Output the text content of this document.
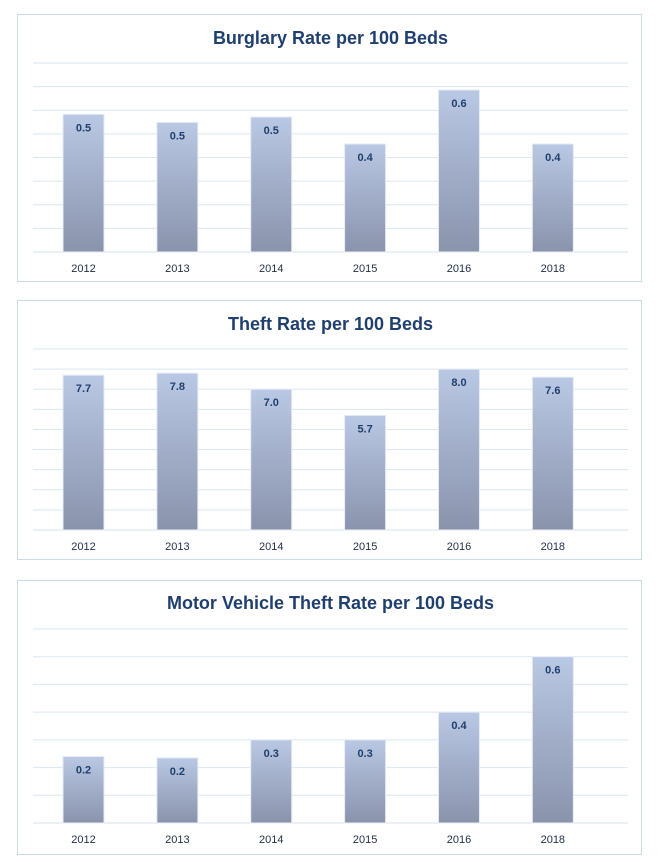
Burglary Rate per 100 Beds
0.5
2012
0.5
2013
0.5
2014
0.4
2015
0.6
2016
0.4
2018
Theft Rate per 100 Beds
7.7
2012
7.8
2013
7.0
2014
5.7
2015
8.0
2016
7.6
2018
Motor Vehicle Theft Rate per 100 Beds
0.2
2012
0.2
2013
0.3
2014
0.3
2015
0.4
2016
0.6
2018
